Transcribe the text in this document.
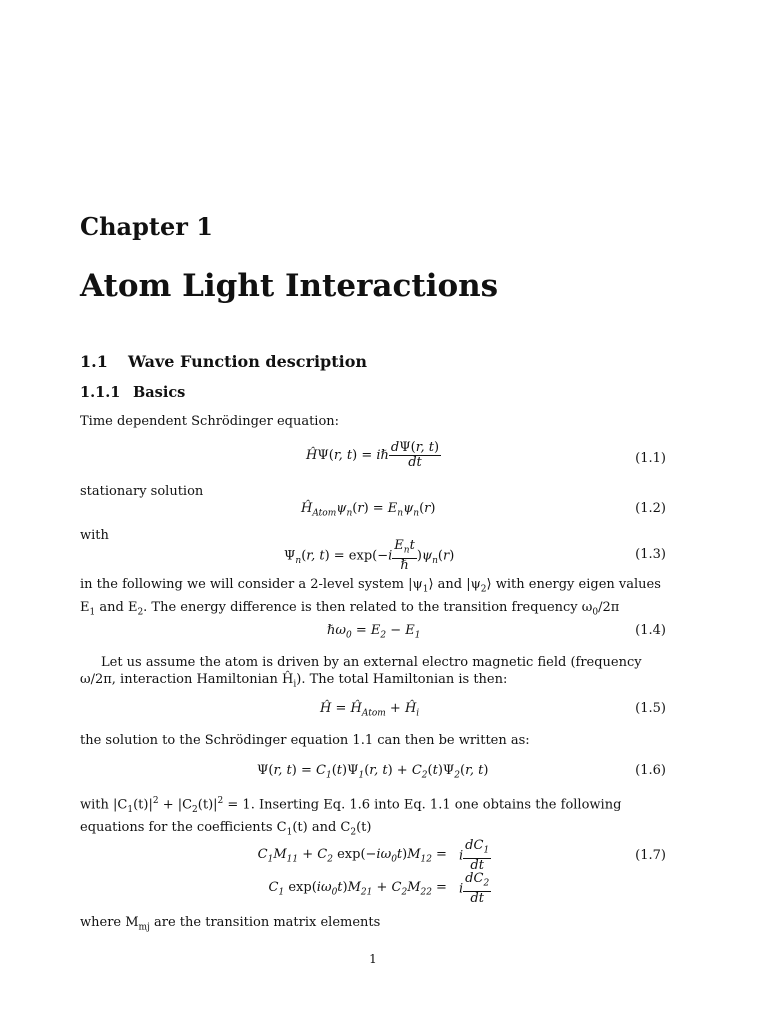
Chapter 1
Atom Light Interactions
1.1 Wave Function description
1.1.1 Basics

Time dependent Schrödinger equation:

ĤΨ(r, t) = iℏ $\frac{d\Psi(r, t)}{dt}$	(1.1)

stationary solution

$Ĥ_{Atom}\psi_n(r) = E_n\psi_n(r)$	(1.2)

with

$\Psi_n(r$, $t) = \exp(-i \frac{E_nt}{\text{ℏ}} )\psi_n(r)$	(1.3)

in the following we will consider a 2-level system $|\psi_1⟩$ and $|\psi_2⟩$ with energy eigen values $E_1$ and $E_2$. The energy difference is then related to the transition frequency $\omega_0/2\pi$

ℏω$_0$ = $E_2 - E_1$	(1.4)

Let us assume the atom is driven by an external electro magnetic field (frequency ω/2π, interaction Hamiltonian $Ĥ_i$). The total Hamiltonian is then:

Ĥ = $Ĥ_{Atom}$ + $Ĥ_i$	(1.5)

the solution to the Schrödinger equation 1.1 can then be written as:

Ψ(r, $t) = C_1(t)\Psi_1(r$, $t) + C_2(t)\Psi_2(r$, t)	(1.6)

with $|C_1(t)|^2 + |C_2(t)|^2 = 1$. Inserting Eq. 1.6 into Eq. 1.1 one obtains the following equations for the coefficients $C_1(t)$ and $C_2(t)$

$C_1M_{11} + C_2$ $\exp(-i\omega_0t)M_{12} = i \frac{dC_1}{dt}$	(1.7)
$C_1$ $\exp(i\omega_0t)M_{21} + C_2M_{22} = i \frac{dC_2}{dt}$

where $M_{mj}$ are the transition matrix elements

1
